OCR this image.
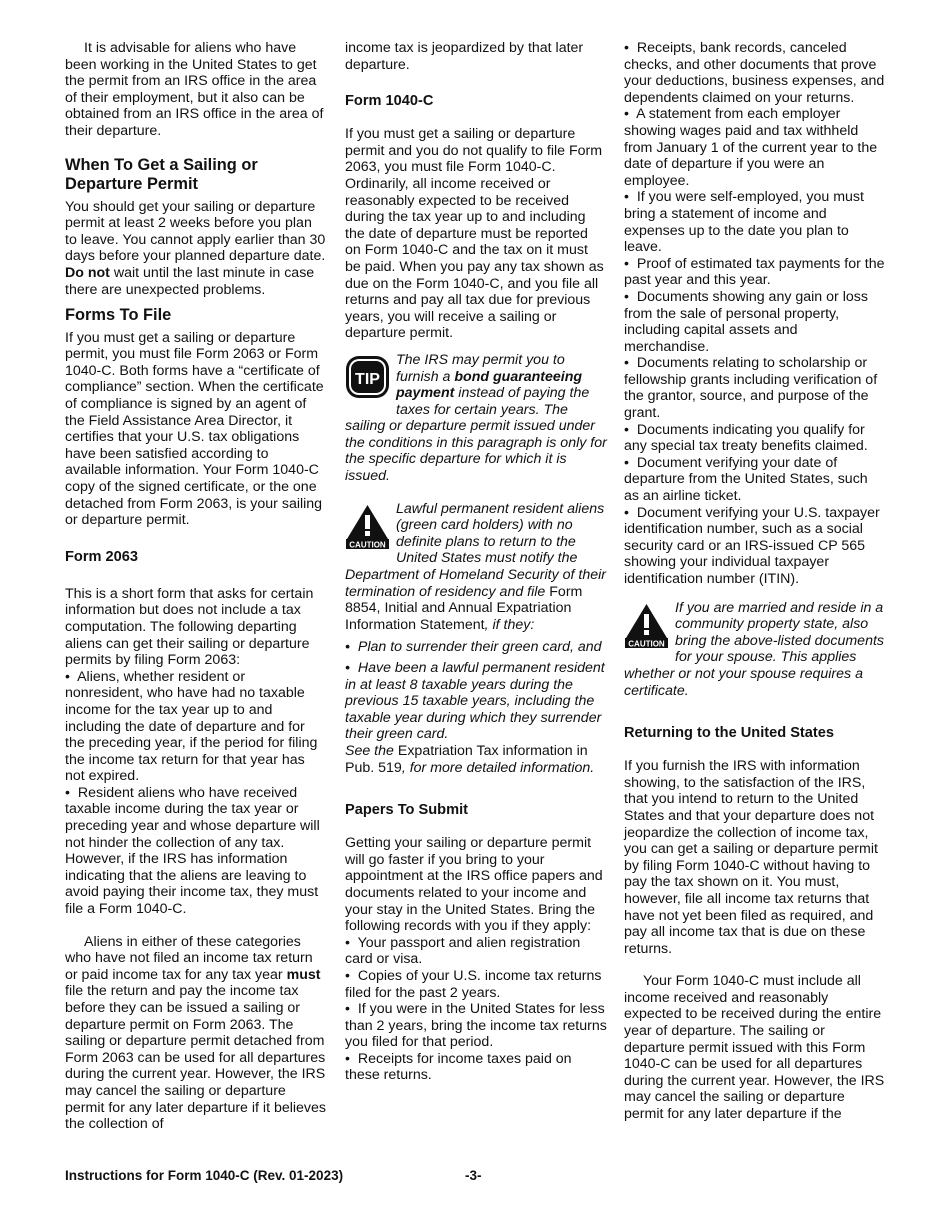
It is advisable for aliens who have been working in the United States to get the permit from an IRS office in the area of their employment, but it also can be obtained from an IRS office in the area of their departure.

When To Get a Sailing or Departure Permit

You should get your sailing or departure permit at least 2 weeks before you plan to leave. You cannot apply earlier than 30 days before your planned departure date. Do not wait until the last minute in case there are unexpected problems.

Forms To File

If you must get a sailing or departure permit, you must file Form 2063 or Form 1040-C. Both forms have a “certificate of compliance” section. When the certificate of compliance is signed by an agent of the Field Assistance Area Director, it certifies that your U.S. tax obligations have been satisfied according to available information. Your Form 1040-C copy of the signed certificate, or the one detached from Form 2063, is your sailing or departure permit.

Form 2063

This is a short form that asks for certain information but does not include a tax computation. The following departing aliens can get their sailing or departure permits by filing Form 2063:

• Aliens, whether resident or nonresident, who have had no taxable income for the tax year up to and including the date of departure and for the preceding year, if the period for filing the income tax return for that year has not expired.
• Resident aliens who have received taxable income during the tax year or preceding year and whose departure will not hinder the collection of any tax. However, if the IRS has information indicating that the aliens are leaving to avoid paying their income tax, they must file a Form 1040-C.

Aliens in either of these categories who have not filed an income tax return or paid income tax for any tax year must file the return and pay the income tax before they can be issued a sailing or departure permit on Form 2063. The sailing or departure permit detached from Form 2063 can be used for all departures during the current year. However, the IRS may cancel the sailing or departure permit for any later departure if it believes the collection of

income tax is jeopardized by that later departure.

Form 1040-C

If you must get a sailing or departure permit and you do not qualify to file Form 2063, you must file Form 1040-C. Ordinarily, all income received or reasonably expected to be received during the tax year up to and including the date of departure must be reported on Form 1040-C and the tax on it must be paid. When you pay any tax shown as due on the Form 1040-C, and you file all returns and pay all tax due for previous years, you will receive a sailing or departure permit.

TIP
The IRS may permit you to furnish a bond guaranteeing payment instead of paying the taxes for certain years. The sailing or departure permit issued under the conditions in this paragraph is only for the specific departure for which it is issued.
CAUTION
Lawful permanent resident aliens (green card holders) with no definite plans to return to the United States must notify the Department of Homeland Security of their termination of residency and file Form 8854, Initial and Annual Expatriation Information Statement, if they:
• Plan to surrender their green card, and
• Have been a lawful permanent resident in at least 8 taxable years during the previous 15 taxable years, including the taxable year during which they surrender their green card.

See the Expatriation Tax information in Pub. 519, for more detailed information.

Papers To Submit

Getting your sailing or departure permit will go faster if you bring to your appointment at the IRS office papers and documents related to your income and your stay in the United States. Bring the following records with you if they apply:

• Your passport and alien registration card or visa.
• Copies of your U.S. income tax returns filed for the past 2 years.
• If you were in the United States for less than 2 years, bring the income tax returns you filed for that period.
• Receipts for income taxes paid on these returns.
• Receipts, bank records, canceled checks, and other documents that prove your deductions, business expenses, and dependents claimed on your returns.
• A statement from each employer showing wages paid and tax withheld from January 1 of the current year to the date of departure if you were an employee.
• If you were self-employed, you must bring a statement of income and expenses up to the date you plan to leave.
• Proof of estimated tax payments for the past year and this year.
• Documents showing any gain or loss from the sale of personal property, including capital assets and merchandise.
• Documents relating to scholarship or fellowship grants including verification of the grantor, source, and purpose of the grant.
• Documents indicating you qualify for any special tax treaty benefits claimed.
• Document verifying your date of departure from the United States, such as an airline ticket.
• Document verifying your U.S. taxpayer identification number, such as a social security card or an IRS-issued CP 565 showing your individual taxpayer identification number (ITIN).
CAUTION
If you are married and reside in a community property state, also bring the above-listed documents for your spouse. This applies whether or not your spouse requires a certificate.
Returning to the United States

If you furnish the IRS with information showing, to the satisfaction of the IRS, that you intend to return to the United States and that your departure does not jeopardize the collection of income tax, you can get a sailing or departure permit by filing Form 1040-C without having to pay the tax shown on it. You must, however, file all income tax returns that have not yet been filed as required, and pay all income tax that is due on these returns.

Your Form 1040-C must include all income received and reasonably expected to be received during the entire year of departure. The sailing or departure permit issued with this Form 1040-C can be used for all departures during the current year. However, the IRS may cancel the sailing or departure permit for any later departure if the

Instructions for Form 1040-C (Rev. 01-2023)	-3-
